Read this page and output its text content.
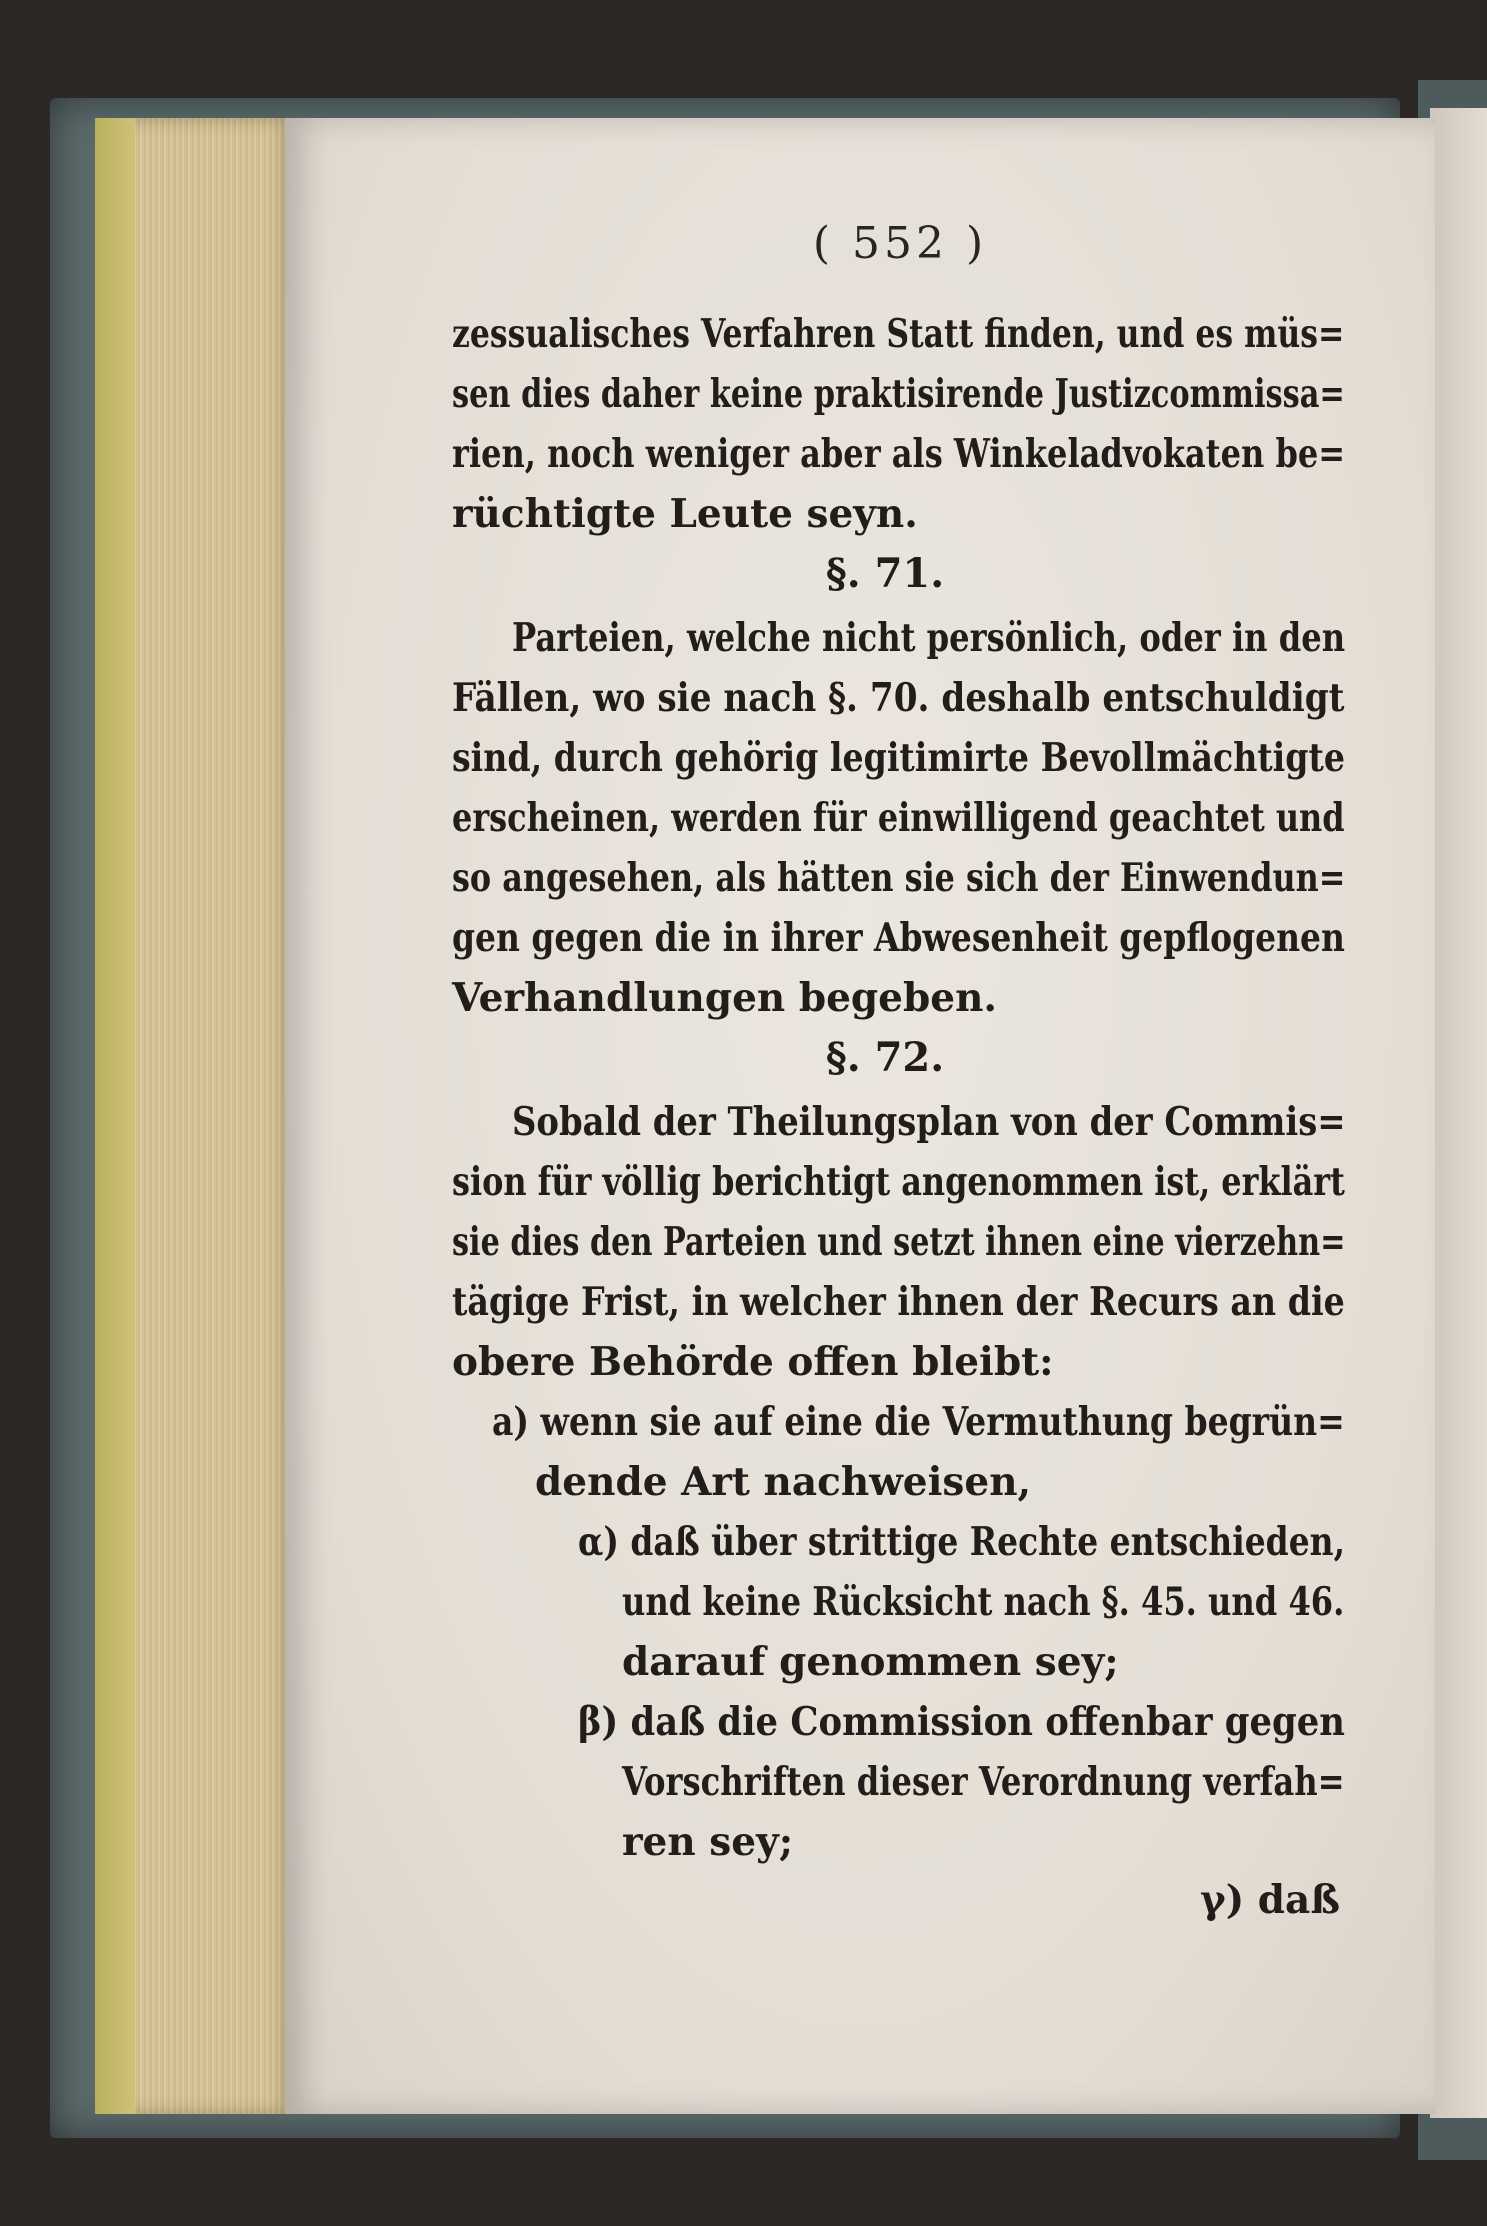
( 552 )
zessualisches Verfahren Statt finden, und es müs=
sen dies daher keine praktisirende Justizcommissa=
rien, noch weniger aber als Winkeladvokaten be=
rüchtigte Leute seyn.
§. 71.
Parteien, welche nicht persönlich, oder in den
Fällen, wo sie nach §. 70. deshalb entschuldigt
sind, durch gehörig legitimirte Bevollmächtigte
erscheinen, werden für einwilligend geachtet und
so angesehen, als hätten sie sich der Einwendun=
gen gegen die in ihrer Abwesenheit gepflogenen
Verhandlungen begeben.
§. 72.
Sobald der Theilungsplan von der Commis=
sion für völlig berichtigt angenommen ist, erklärt
sie dies den Parteien und setzt ihnen eine vierzehn=
tägige Frist, in welcher ihnen der Recurs an die
obere Behörde offen bleibt:
a) wenn sie auf eine die Vermuthung begrün=
dende Art nachweisen,
α) daß über strittige Rechte entschieden,
und keine Rücksicht nach §. 45. und 46.
darauf genommen sey;
β) daß die Commission offenbar gegen
Vorschriften dieser Verordnung verfah=
ren sey;
γ) daß
